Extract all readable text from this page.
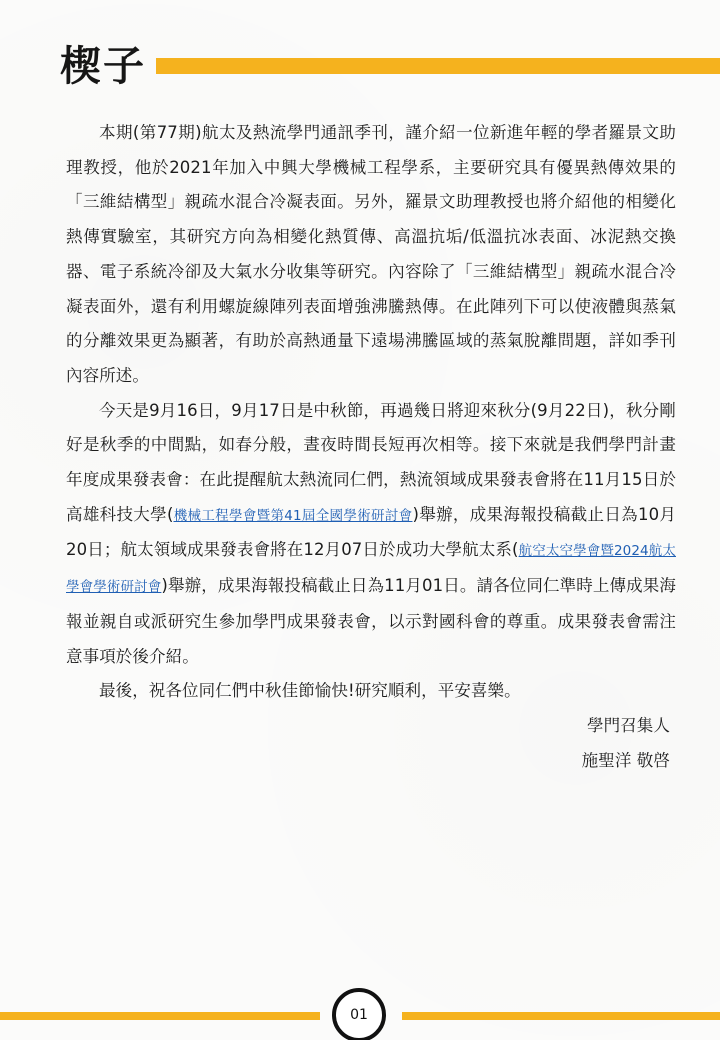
楔子

本期(第77期)航太及熱流學門通訊季刊，謹介紹一位新進年輕的學者羅景文助理教授，他於2021年加入中興大學機械工程學系，主要研究具有優異熱傳效果的「三維結構型」親疏水混合冷凝表面。另外，羅景文助理教授也將介紹他的相變化熱傳實驗室，其研究方向為相變化熱質傳、高溫抗垢/低溫抗冰表面、冰泥熱交換器、電子系統冷卻及大氣水分收集等研究。內容除了「三維結構型」親疏水混合冷凝表面外，還有利用螺旋線陣列表面增強沸騰熱傳。在此陣列下可以使液體與蒸氣的分離效果更為顯著，有助於高熱通量下遠場沸騰區域的蒸氣脫離問題，詳如季刊內容所述。

今天是9月16日，9月17日是中秋節，再過幾日將迎來秋分(9月22日)，秋分剛好是秋季的中間點，如春分般，晝夜時間長短再次相等。接下來就是我們學門計畫年度成果發表會：在此提醒航太熱流同仁們，熱流領域成果發表會將在11月15日於高雄科技大學(機械工程學會暨第41屆全國學術研討會)舉辦，成果海報投稿截止日為10月20日；航太領域成果發表會將在12月07日於成功大學航太系(航空太空學會暨2024航太學會學術研討會)舉辦，成果海報投稿截止日為11月01日。請各位同仁準時上傳成果海報並親自或派研究生參加學門成果發表會，以示對國科會的尊重。成果發表會需注意事項於後介紹。

最後，祝各位同仁們中秋佳節愉快!研究順利，平安喜樂。

學門召集人
施聖洋 敬啓
01
